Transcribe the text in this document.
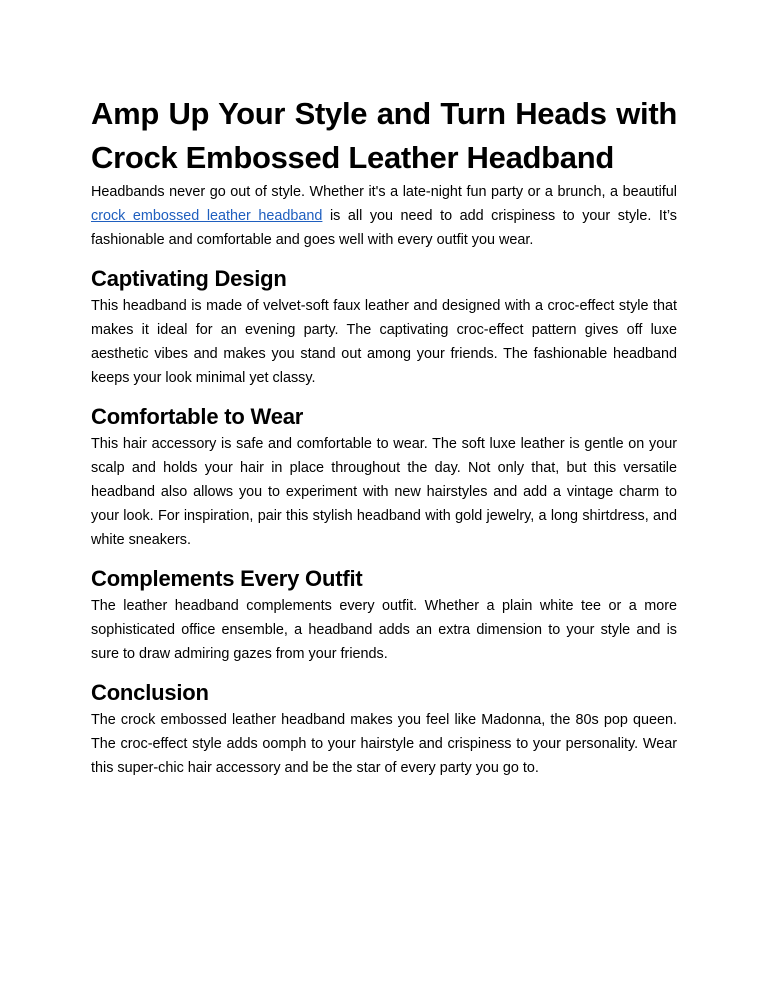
Amp Up Your Style and Turn Heads with Crock Embossed Leather Headband

Headbands never go out of style. Whether it's a late-night fun party or a brunch, a beautiful crock embossed leather headband is all you need to add crispiness to your style. It’s fashionable and comfortable and goes well with every outfit you wear.

Captivating Design

This headband is made of velvet-soft faux leather and designed with a croc-effect style that makes it ideal for an evening party. The captivating croc-effect pattern gives off luxe aesthetic vibes and makes you stand out among your friends. The fashionable headband keeps your look minimal yet classy.

Comfortable to Wear

This hair accessory is safe and comfortable to wear. The soft luxe leather is gentle on your scalp and holds your hair in place throughout the day. Not only that, but this versatile headband also allows you to experiment with new hairstyles and add a vintage charm to your look. For inspiration, pair this stylish headband with gold jewelry, a long shirtdress, and white sneakers.

Complements Every Outfit

The leather headband complements every outfit. Whether a plain white tee or a more sophisticated office ensemble, a headband adds an extra dimension to your style and is sure to draw admiring gazes from your friends.

Conclusion

The crock embossed leather headband makes you feel like Madonna, the 80s pop queen. The croc-effect style adds oomph to your hairstyle and crispiness to your personality. Wear this super-chic hair accessory and be the star of every party you go to.
